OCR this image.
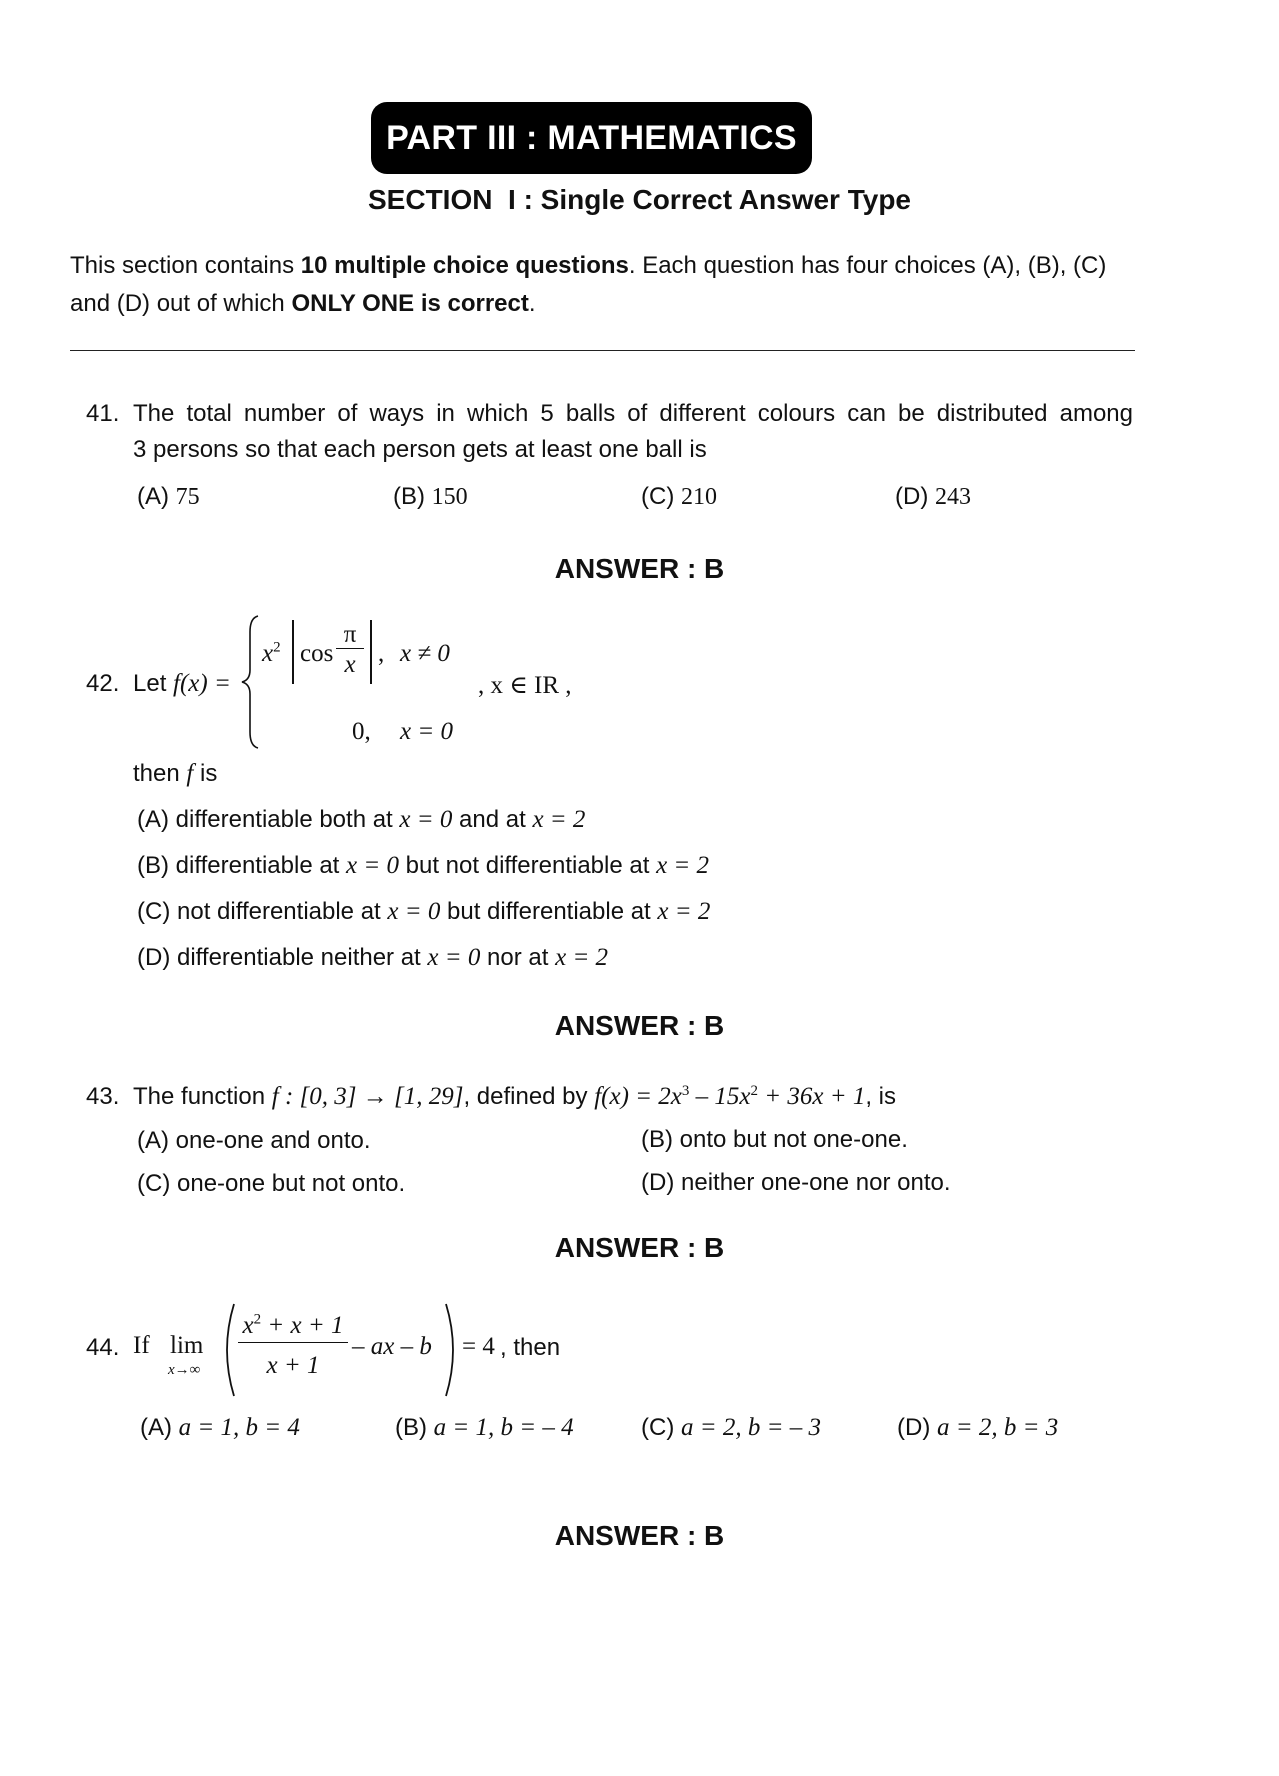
PART III : MATHEMATICS
SECTION  I : Single Correct Answer Type
This section contains 10 multiple choice questions. Each question has four choices (A), (B), (C)
and (D) out of which ONLY ONE is correct.
41. The total number of ways in which 5 balls of different colours can be distributed among
3 persons so that each person gets at least one ball is
(A) 75	(B) 150	(C) 210	(D) 243
ANSWER : B
42. Let f(x) =
$x^2$ cos
π
x , x ≠ 0
0, x = 0
, x ∈ IR ,
then f is
(A) differentiable both at x = 0 and at x = 2
(B) differentiable at x = 0 but not differentiable at x = 2
(C) not differentiable at x = 0 but differentiable at x = 2
(D) differentiable neither at x = 0 nor at x = 2
ANSWER : B
43. The function f : [0, 3] → [1, 29], defined by $f(x) = 2x^3 - 15x^2 + 36x + 1$, is
(A) one-one and onto.	(B) onto but not one-one.
(C) one-one but not onto.	(D) neither one-one nor onto.
ANSWER : B
44. If lim
x→∞
$x^2 + x + 1$
x + 1
– ax – b = 4 , then
(A) a = 1, b = 4	(B) a = 1, b = – 4	(C) a = 2, b = – 3	(D) a = 2, b = 3
ANSWER : B
